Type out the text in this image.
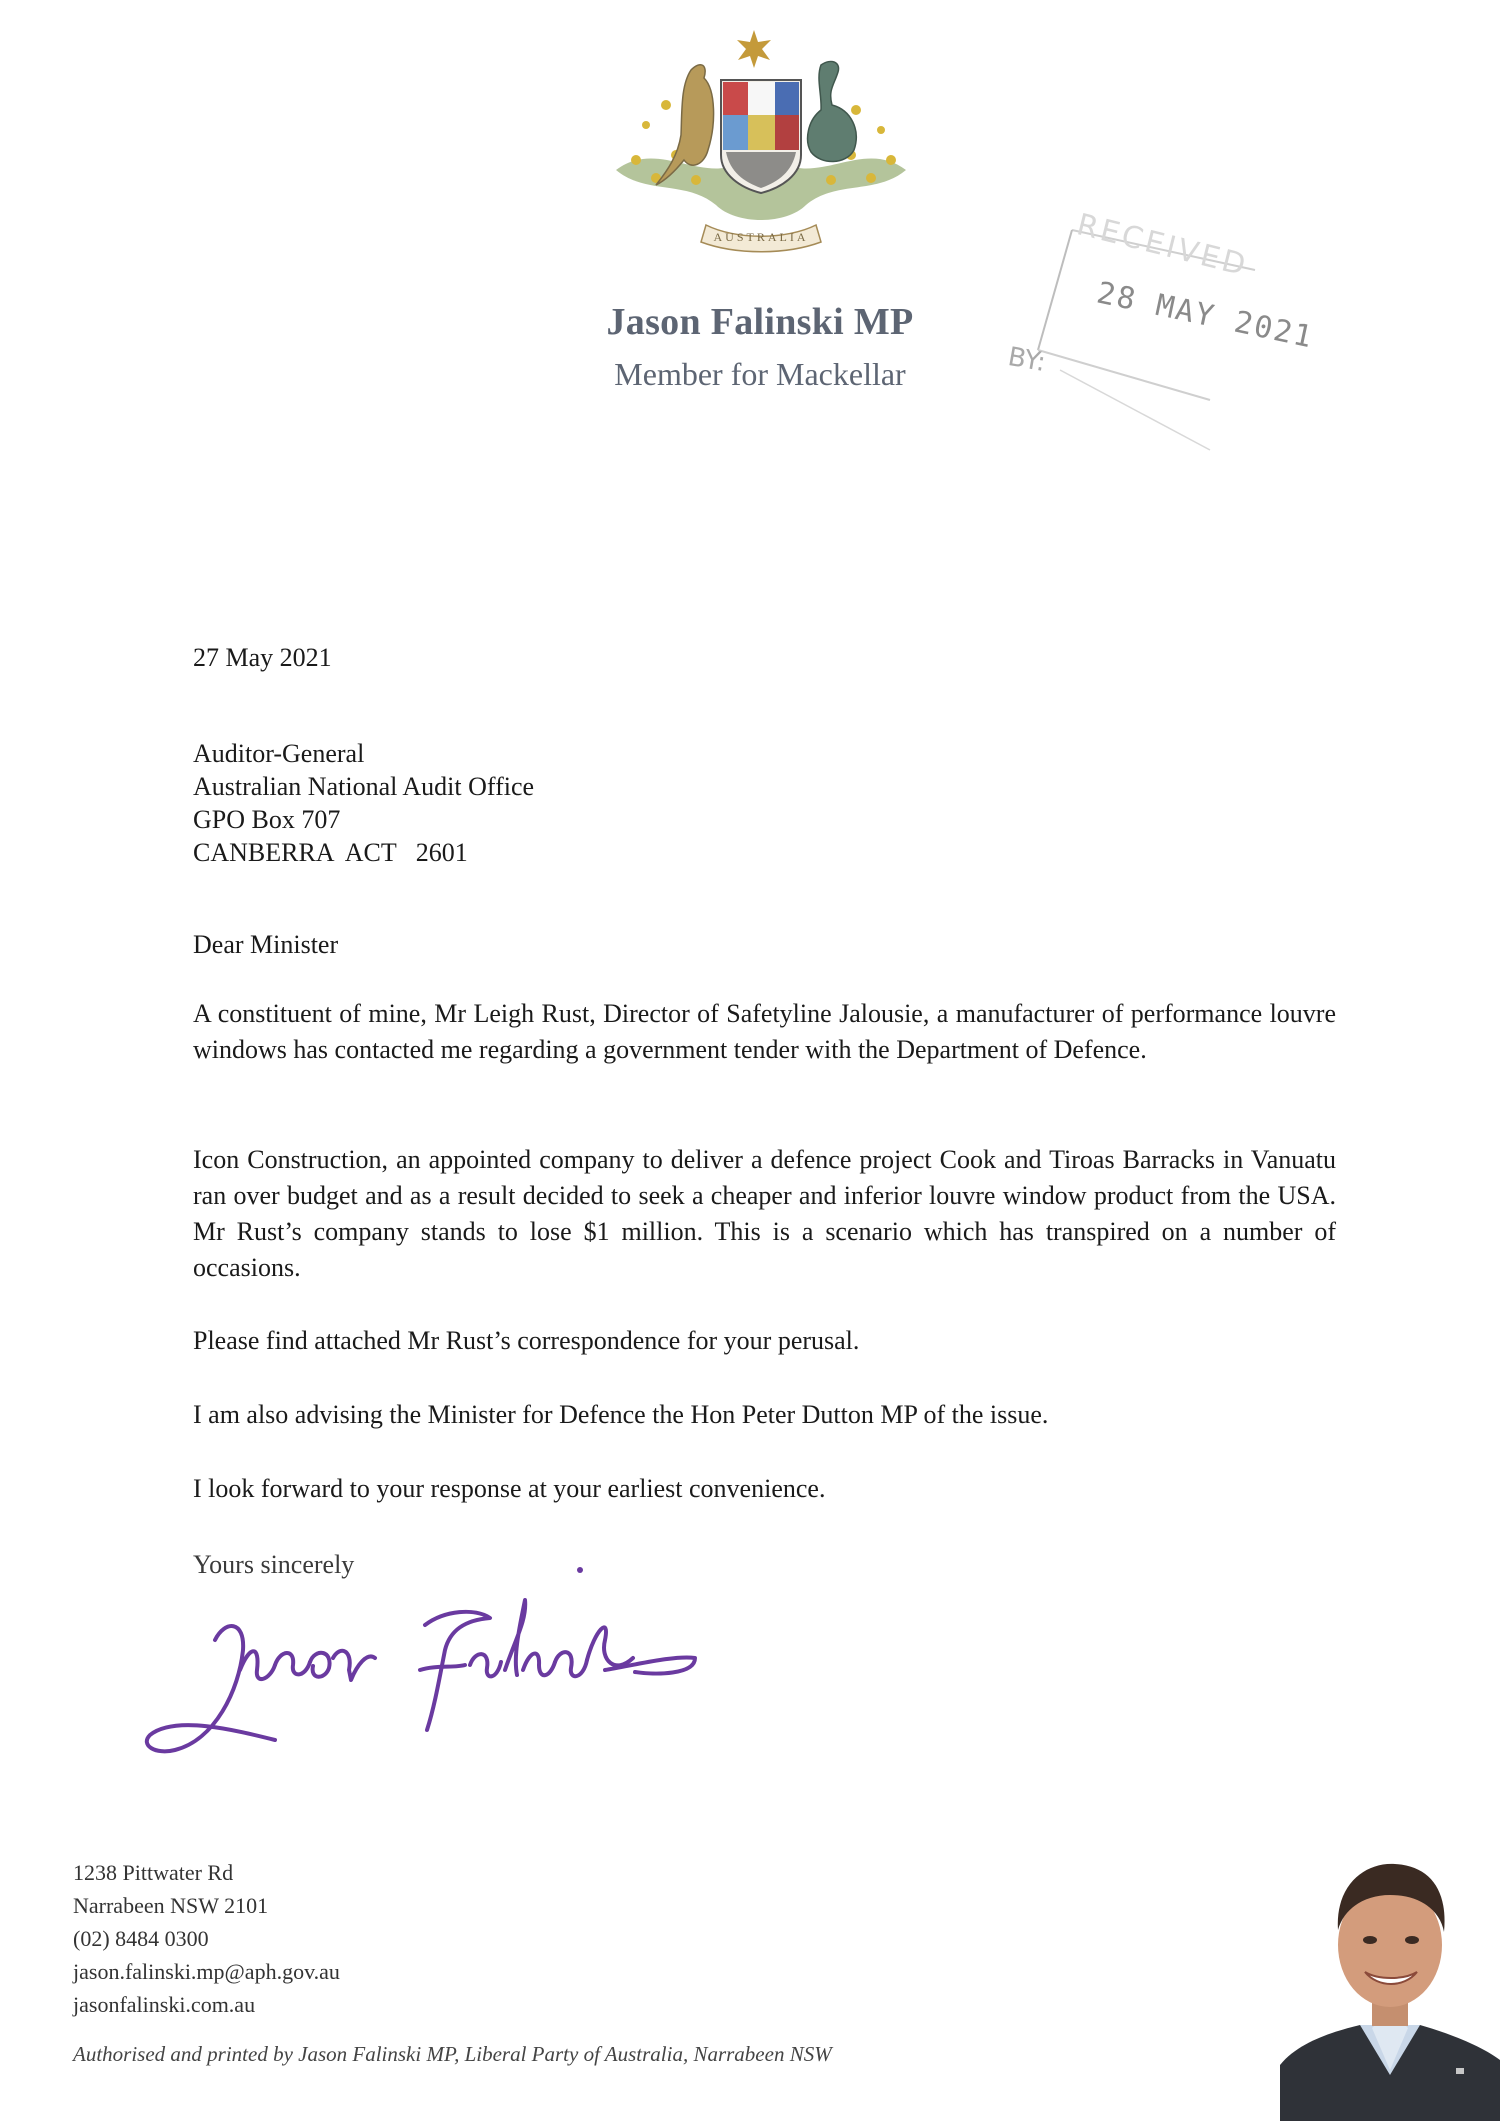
AUSTRALIA
Jason Falinski MP
Member for Mackellar
RECEIVED
28 MAY 2021
BY:
27 May 2021
Auditor-General
Australian National Audit Office
GPO Box 707
CANBERRA  ACT   2601
Dear Minister
A constituent of mine, Mr Leigh Rust, Director of Safetyline Jalousie, a manufacturer of performance louvre windows has contacted me regarding a government tender with the Department of Defence.
Icon Construction, an appointed company to deliver a defence project Cook and Tiroas Barracks in Vanuatu ran over budget and as a result decided to seek a cheaper and inferior louvre window product from the USA. Mr Rust’s company stands to lose $1 million. This is a scenario which has transpired on a number of occasions.
Please find attached Mr Rust’s correspondence for your perusal.
I am also advising the Minister for Defence the Hon Peter Dutton MP of the issue.
I look forward to your response at your earliest convenience.
Yours sincerely
1238 Pittwater Rd
Narrabeen NSW 2101
(02) 8484 0300
jason.falinski.mp@aph.gov.au
jasonfalinski.com.au
Authorised and printed by Jason Falinski MP, Liberal Party of Australia, Narrabeen NSW
